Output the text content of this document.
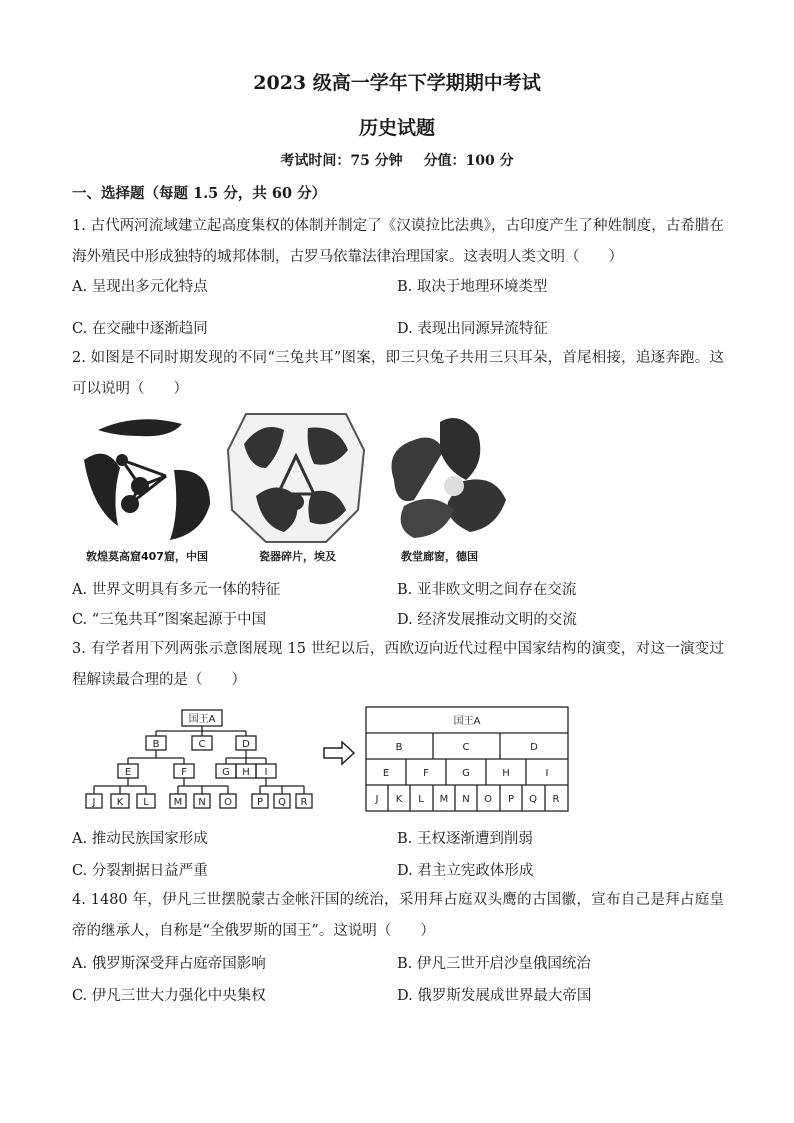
2023 级高一学年下学期期中考试
历史试题
考试时间：75 分钟 分值：100 分
一、选择题（每题 1.5 分，共 60 分）
1. 古代两河流域建立起高度集权的体制并制定了《汉谟拉比法典》，古印度产生了种姓制度，古希腊在海外殖民中形成独特的城邦体制，古罗马依靠法律治理国家。这表明人类文明（　　）
A. 呈现出多元化特点	B. 取决于地理环境类型
C. 在交融中逐渐趋同	D. 表现出同源异流特征
2. 如图是不同时期发现的不同“三兔共耳”图案，即三只兔子共用三只耳朵，首尾相接，追逐奔跑。这可以说明（　　）
敦煌莫高窟407窟，中国	瓷器碎片，埃及	教堂廊窗，德国
A. 世界文明具有多元一体的特征	B. 亚非欧文明之间存在交流
C. “三兔共耳”图案起源于中国	D. 经济发展推动文明的交流
3. 有学者用下列两张示意图展现 15 世纪以后，西欧迈向近代过程中国家结构的演变，对这一演变过程解读最合理的是（　　）
国王A
B	C	D
E	F	G H I
J K L M N O	P Q R
国王A
B	C	D
E	F	G	H	I
J K L M N O P Q R
A. 推动民族国家形成	B. 王权逐渐遭到削弱
C. 分裂割据日益严重	D. 君主立宪政体形成
4. 1480 年，伊凡三世摆脱蒙古金帐汗国的统治，采用拜占庭双头鹰的古国徽，宣布自己是拜占庭皇帝的继承人，自称是“全俄罗斯的国王”。这说明（　　）
A. 俄罗斯深受拜占庭帝国影响	B. 伊凡三世开启沙皇俄国统治
C. 伊凡三世大力强化中央集权	D. 俄罗斯发展成世界最大帝国
